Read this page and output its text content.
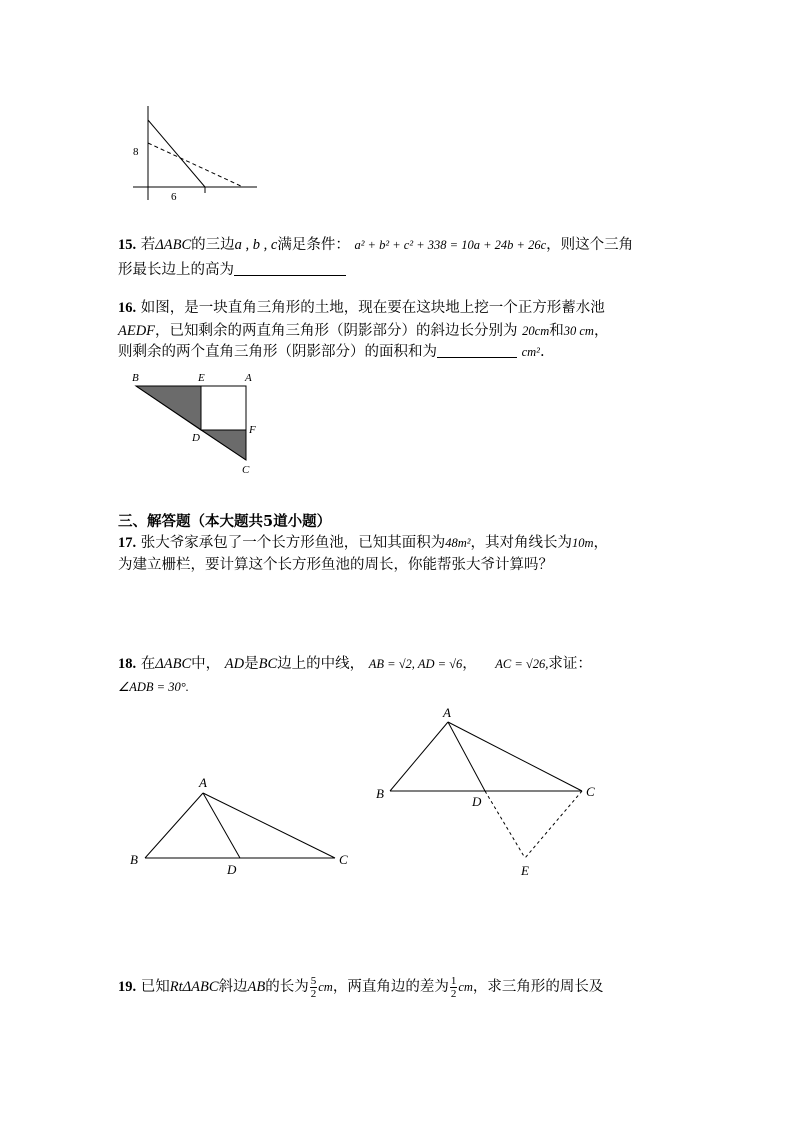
8
6
15. 若ΔABC的三边a , b , c满足条件： a² + b² + c² + 338 = 10a + 24b + 26c，则这个三角
形最长边上的高为
16. 如图，是一块直角三角形的土地，现在要在这块地上挖一个正方形蓄水池
AEDF，已知剩余的两直角三角形（阴影部分）的斜边长分别为 20cm和30 cm，
则剩余的两个直角三角形（阴影部分）的面积和为	cm².
B	E	A
D
F
C
三、解答题（本大题共5道小题）
17. 张大爷家承包了一个长方形鱼池，已知其面积为48m²，其对角线长为10m，
为建立栅栏，要计算这个长方形鱼池的周长，你能帮张大爷计算吗？
18. 在ΔABC中， AD是BC边上的中线， AB = √2, AD = √6， AC = √26,求证：
∠ADB = 30°.
A
B
D
C
A
B
D
C
E
19. 已知RtΔABC斜边AB的长为 $\frac{5}{2}$ cm，两直角边的差为 $\frac{1}{2}$ cm，求三角形的周长及
